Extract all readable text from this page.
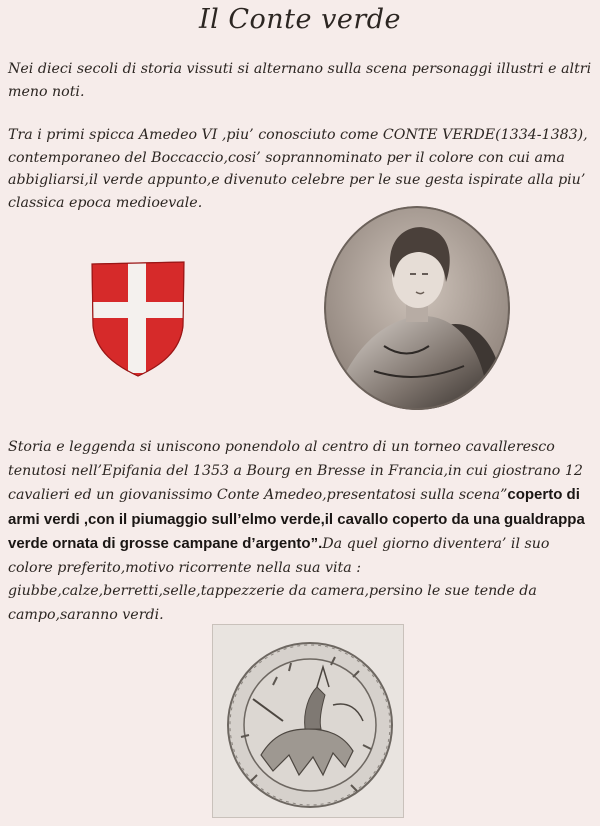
Il Conte verde
Nei dieci secoli di storia vissuti si alternano sulla scena personaggi illustri e altri meno noti.
Tra i primi spicca Amedeo VI ,piu’ conosciuto come CONTE VERDE(1334-1383), contemporaneo del Boccaccio,cosi’ soprannominato per il colore con cui ama abbigliarsi,il verde appunto,e divenuto celebre per le sue gesta ispirate alla piu’ classica epoca medioevale.
Storia e leggenda si uniscono ponendolo al centro di un torneo cavalleresco tenutosi nell’Epifania del 1353 a Bourg en Bresse in Francia,in cui giostrano 12 cavalieri ed un giovanissimo Conte Amedeo,presentatosi sulla scena”coperto di armi verdi ,con il piumaggio sull’elmo verde,il cavallo coperto da una gualdrappa verde ornata di grosse campane d’argento”.Da quel giorno diventera’ il suo colore preferito,motivo ricorrente nella sua vita : giubbe,calze,berretti,selle,tappezzerie da camera,persino le sue tende da campo,saranno verdi.
